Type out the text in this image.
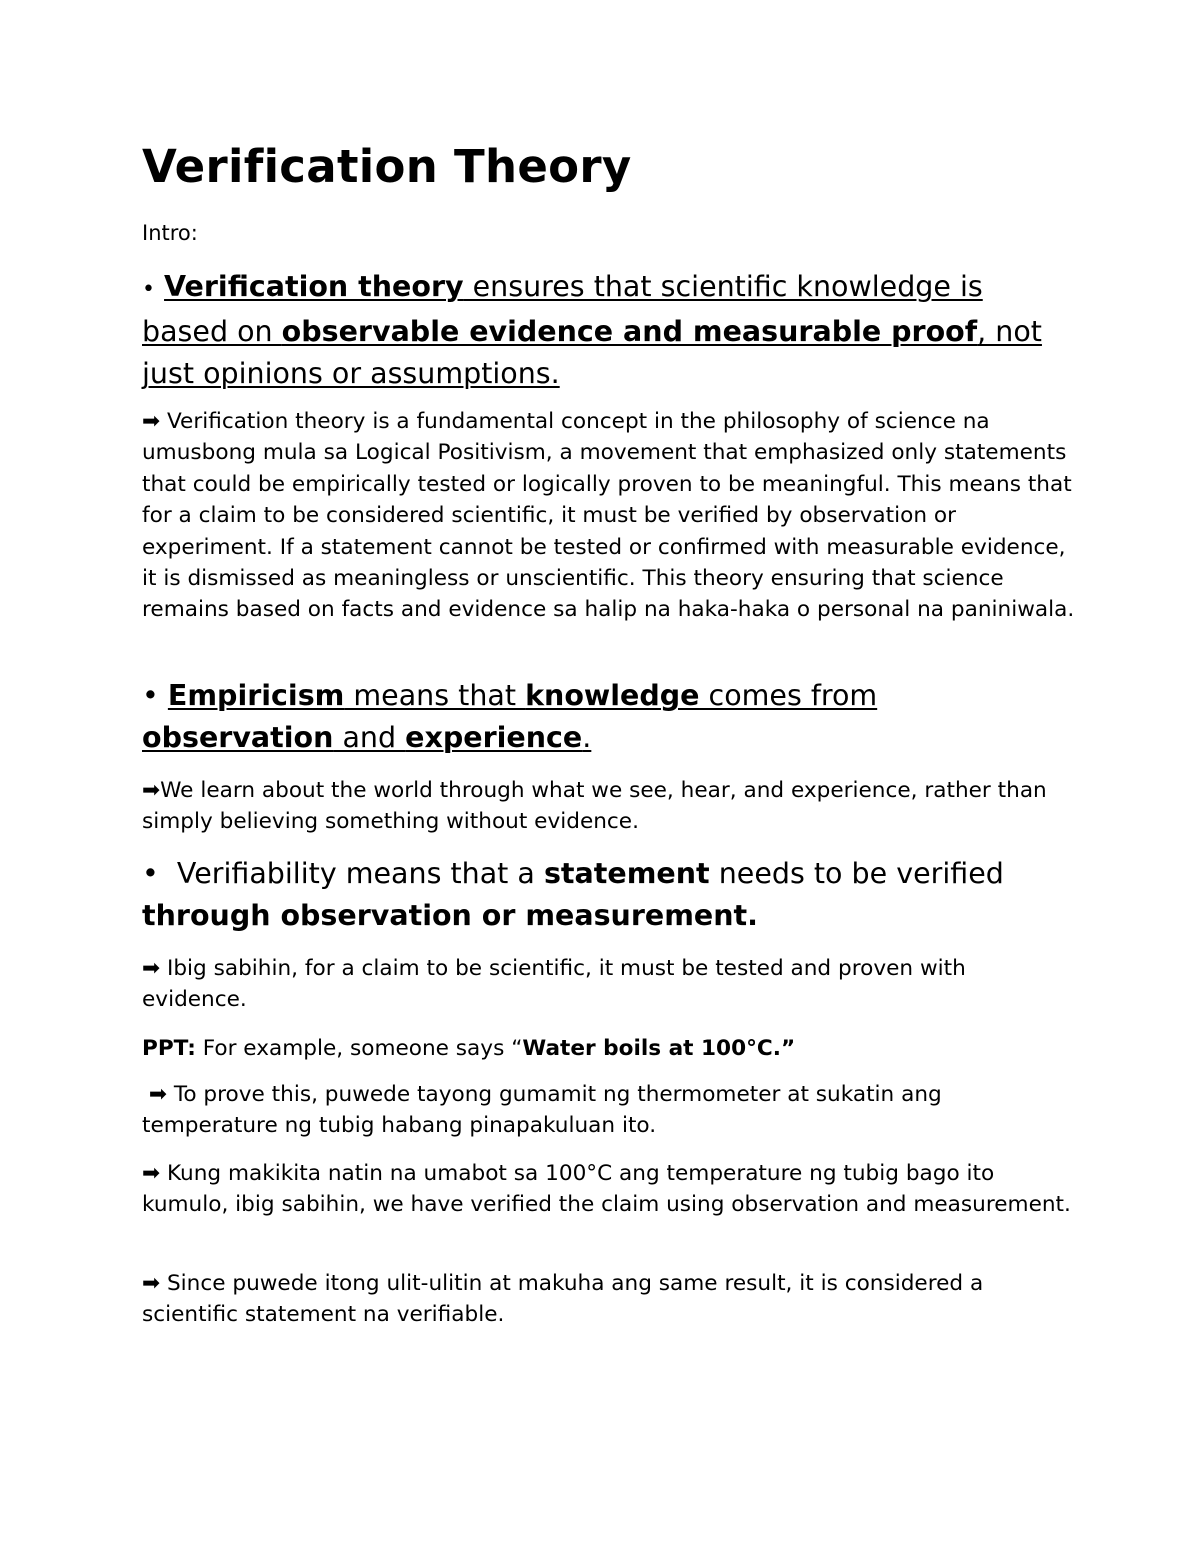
Verification Theory

Intro:

• Verification theory ensures that scientific knowledge is based on observable evidence and measurable proof, not just opinions or assumptions.

➡ Verification theory is a fundamental concept in the philosophy of science na umusbong mula sa Logical Positivism, a movement that emphasized only statements that could be empirically tested or logically proven to be meaningful. This means that for a claim to be considered scientific, it must be verified by observation or experiment. If a statement cannot be tested or confirmed with measurable evidence, it is dismissed as meaningless or unscientific. This theory ensuring that science remains based on facts and evidence sa halip na haka-haka o personal na paniniwala.

• Empiricism means that knowledge comes from observation and experience.

➡We learn about the world through what we see, hear, and experience, rather than simply believing something without evidence.

•  Verifiability means that a statement needs to be verified through observation or measurement.

➡ Ibig sabihin, for a claim to be scientific, it must be tested and proven with evidence.

PPT: For example, someone says “Water boils at 100°C.”

➡ To prove this, puwede tayong gumamit ng thermometer at sukatin ang temperature ng tubig habang pinapakuluan ito.

➡ Kung makikita natin na umabot sa 100°C ang temperature ng tubig bago ito kumulo, ibig sabihin, we have verified the claim using observation and measurement.

➡ Since puwede itong ulit-ulitin at makuha ang same result, it is considered a scientific statement na verifiable.
